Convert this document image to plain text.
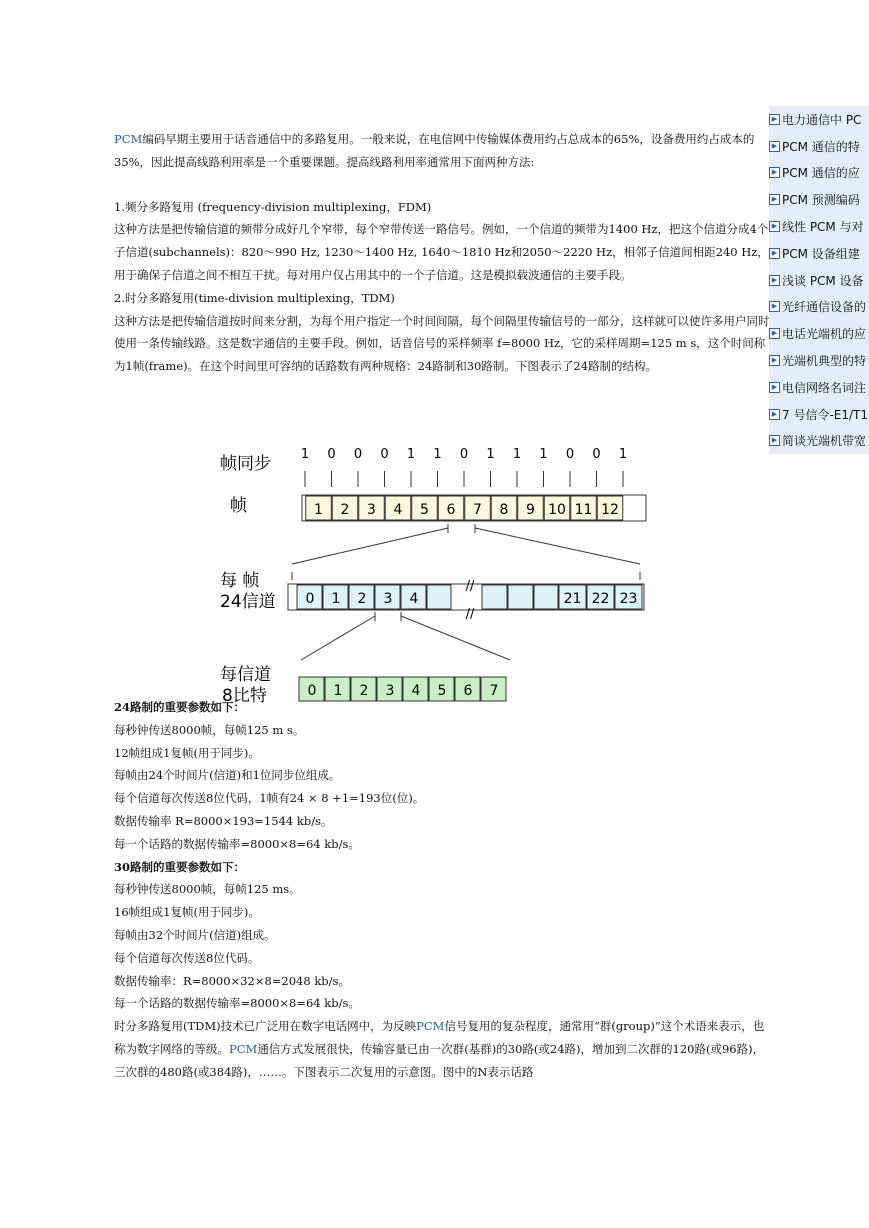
PCM编码早期主要用于话音通信中的多路复用。一般来说，在电信网中传输媒体费用约占总成本的65%，设备费用约占成本的35%，因此提高线路利用率是一个重要课题。提高线路利用率通常用下面两种方法:

1.频分多路复用 (frequency-division multiplexing，FDM)

这种方法是把传输信道的频带分成好几个窄带，每个窄带传送一路信号。例如，一个信道的频带为1400 Hz，把这个信道分成4个子信道(subchannels)：820～990 Hz, 1230～1400 Hz, 1640～1810 Hz和2050～2220 Hz，相邻子信道间相距240 Hz，用于确保子信道之间不相互干扰。每对用户仅占用其中的一个子信道。这是模拟载波通信的主要手段。

2.时分多路复用(time-division multiplexing，TDM)

这种方法是把传输信道按时间来分割，为每个用户指定一个时间间隔，每个间隔里传输信号的一部分，这样就可以使许多用户同时使用一条传输线路。这是数字通信的主要手段。例如，话音信号的采样频率 f=8000 Hz，它的采样周期=125 m s，这个时间称为1帧(frame)。在这个时间里可容纳的话路数有两种规格：24路制和30路制。下图表示了24路制的结构。

24路制的重要参数如下：

每秒钟传送8000帧，每帧125 m s。

12帧组成1复帧(用于同步)。

每帧由24个时间片(信道)和1位同步位组成。

每个信道每次传送8位代码，1帧有24 × 8 +1=193位(位)。

数据传输率 R=8000×193=1544 kb/s。

每一个话路的数据传输率=8000×8=64 kb/s。

30路制的重要参数如下：

每秒钟传送8000帧，每帧125 ms。

16帧组成1复帧(用于同步)。

每帧由32个时间片(信道)组成。

每个信道每次传送8位代码。

数据传输率：R=8000×32×8=2048 kb/s。

每一个话路的数据传输率=8000×8=64 kb/s。

时分多路复用(TDM)技术已广泛用在数字电话网中，为反映PCM信号复用的复杂程度，通常用“群(group)”这个术语来表示，也称为数字网络的等级。PCM通信方式发展很快，传输容量已由一次群(基群)的30路(或24路)，增加到二次群的120路(或96路)，三次群的480路(或384路)，……。下图表示二次复用的示意图。图中的N表示话路

▶ 电力通信中 PC
▶ PCM 通信的特
▶ PCM 通信的应
▶ PCM 预测编码
▶ 线性 PCM 与对
▶ PCM 设备组建
▶ 浅谈 PCM 设备
▶ 光纤通信设备的
▶ 电话光端机的应
▶ 光端机典型的特
▶ 电信网络名词注
▶ 7 号信令-E1/T1
▶ 简谈光端机带宽
帧同步
帧
每 帧
24信道
每信道
8比特
1 0 0 0 1 1 0 1 1 1 0 0 1
1 2 3 4 5 6 7 8 9 10 11 12
0 1 2 3 4
//
//
21 22 23
0 1 2 3 4 5 6 7
